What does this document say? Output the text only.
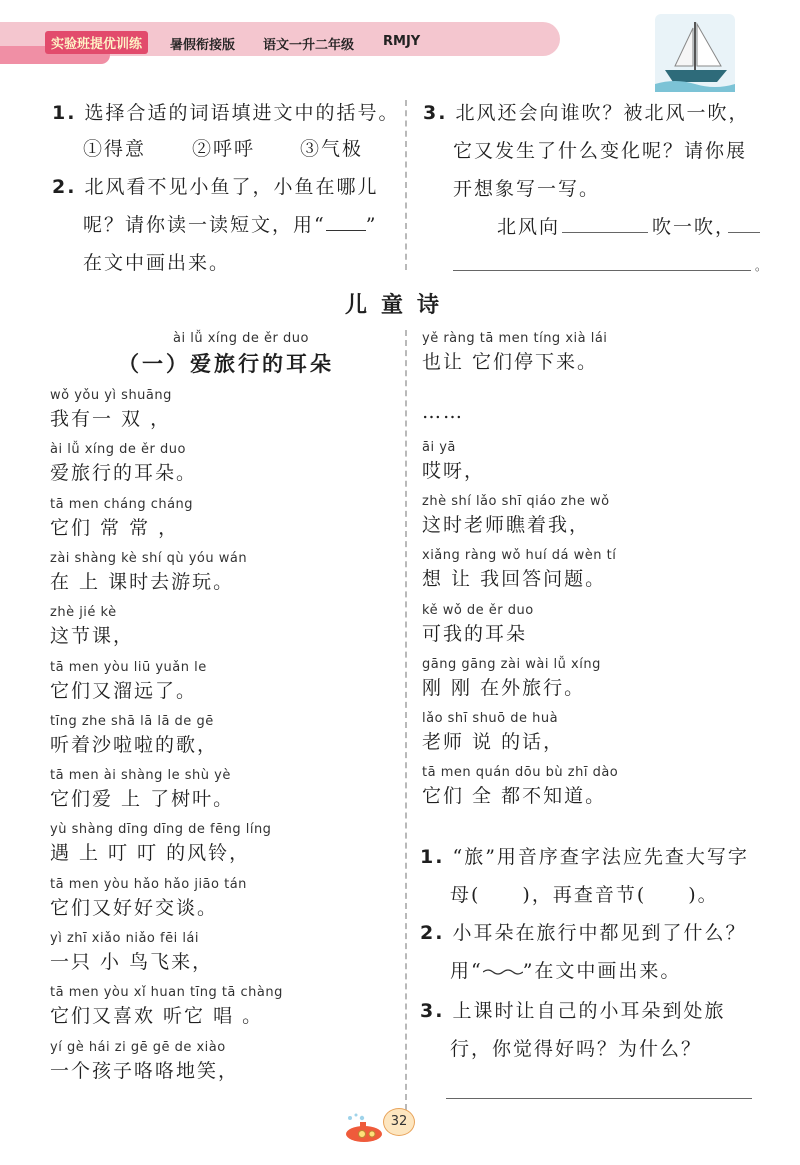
实验班提优训练	暑假衔接版 语文一升二年级 RMJY
1. 选择合适的词语填进文中的括号。
①得意 ②呼呼 ③气极
2. 北风看不见小鱼了，小鱼在哪儿
呢？请你读一读短文，用“ ”
在文中画出来。
3. 北风还会向谁吹？被北风一吹，
它又发生了什么变化呢？请你展
开想象写一写。
北风向	吹一吹，
。
儿童诗
ài lǚ xíng de ěr duo
（一）爱旅行的耳朵
wǒ yǒu yì shuāng
我有一 双 ，
ài lǚ xíng de ěr duo
爱旅行的耳朵。
tā men cháng cháng
它们 常 常 ，
zài shàng kè shí qù yóu wán
在 上 课时去游玩。
zhè jié kè
这节课，
tā men yòu liū yuǎn le
它们又溜远了。
tīng zhe shā lā lā de gē
听着沙啦啦的歌，
tā men ài shàng le shù yè
它们爱 上 了树叶。
yù shàng dīng dīng de fēng líng
遇 上 叮 叮 的风铃，
tā men yòu hǎo hǎo jiāo tán
它们又好好交谈。
yì zhī xiǎo niǎo fēi lái
一只 小 鸟飞来，
tā men yòu xǐ huan tīng tā chàng
它们又喜欢 听它 唱 。
yí gè hái zi gē gē de xiào
一个孩子咯咯地笑，
yě ràng tā men tíng xià lái
也让 它们停下来。
……
āi yā
哎呀，
zhè shí lǎo shī qiáo zhe wǒ
这时老师瞧着我，
xiǎng ràng wǒ huí dá wèn tí
想 让 我回答问题。
kě wǒ de ěr duo
可我的耳朵
gāng gāng zài wài lǚ xíng
刚 刚 在外旅行。
lǎo shī shuō de huà
老师 说 的话，
tā men quán dōu bù zhī dào
它们 全 都不知道。
1. “旅”用音序查字法应先查大写字
母(　　)，再查音节(　　)。
2. 小耳朵在旅行中都见到了什么？
用“ ”在文中画出来。
3. 上课时让自己的小耳朵到处旅
行，你觉得好吗？为什么？
32
